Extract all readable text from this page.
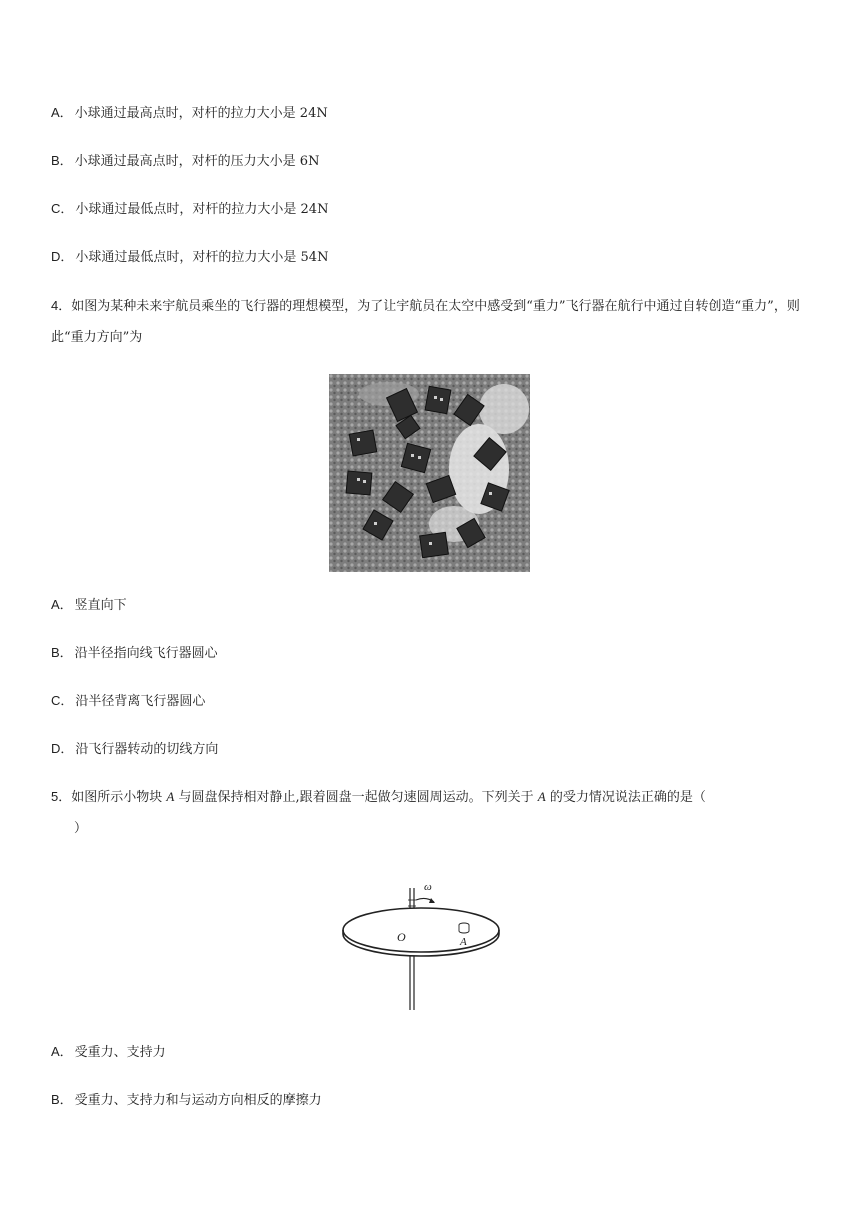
A． 小球通过最高点时，对杆的拉力大小是 24N
B． 小球通过最高点时，对杆的压力大小是 6N
C． 小球通过最低点时，对杆的拉力大小是 24N
D． 小球通过最低点时，对杆的拉力大小是 54N
4．如图为某种未来宇航员乘坐的飞行器的理想模型，为了让宇航员在太空中感受到“重力”飞行器在航行中通过自转创造“重力”，则此“重力方向”为
A． 竖直向下
B． 沿半径指向线飞行器圆心
C． 沿半径背离飞行器圆心
D． 沿飞行器转动的切线方向
5．如图所示小物块 A 与圆盘保持相对静止,跟着圆盘一起做匀速圆周运动。下列关于 A 的受力情况说法正确的是（
）
ω
O	A
A． 受重力、支持力
B． 受重力、支持力和与运动方向相反的摩擦力
